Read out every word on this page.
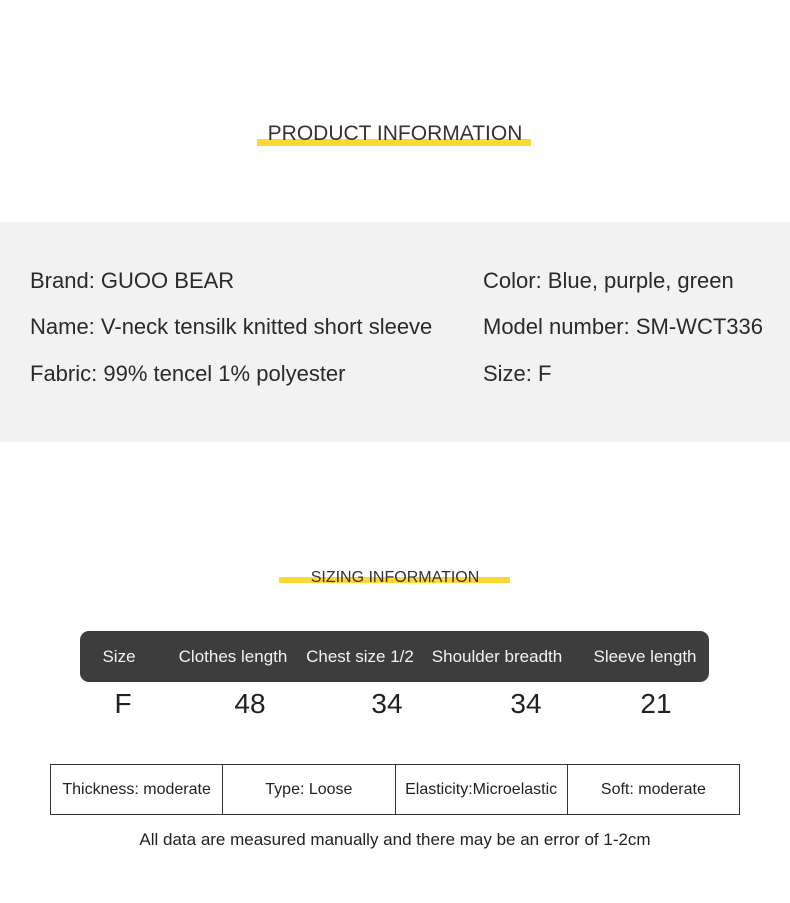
PRODUCT INFORMATION
Brand: GUOO BEAR
Name: V-neck tensilk knitted short sleeve
Fabric: 99% tencel 1% polyester
Color: Blue, purple, green
Model number: SM-WCT336
Size: F
SIZING INFORMATION
Size	Clothes length	Chest size 1/2	Shoulder breadth	Sleeve length
F	48	34	34	21
Thickness: moderate	Type: Loose	Elasticity:Microelastic	Soft: moderate
All data are measured manually and there may be an error of 1-2cm
